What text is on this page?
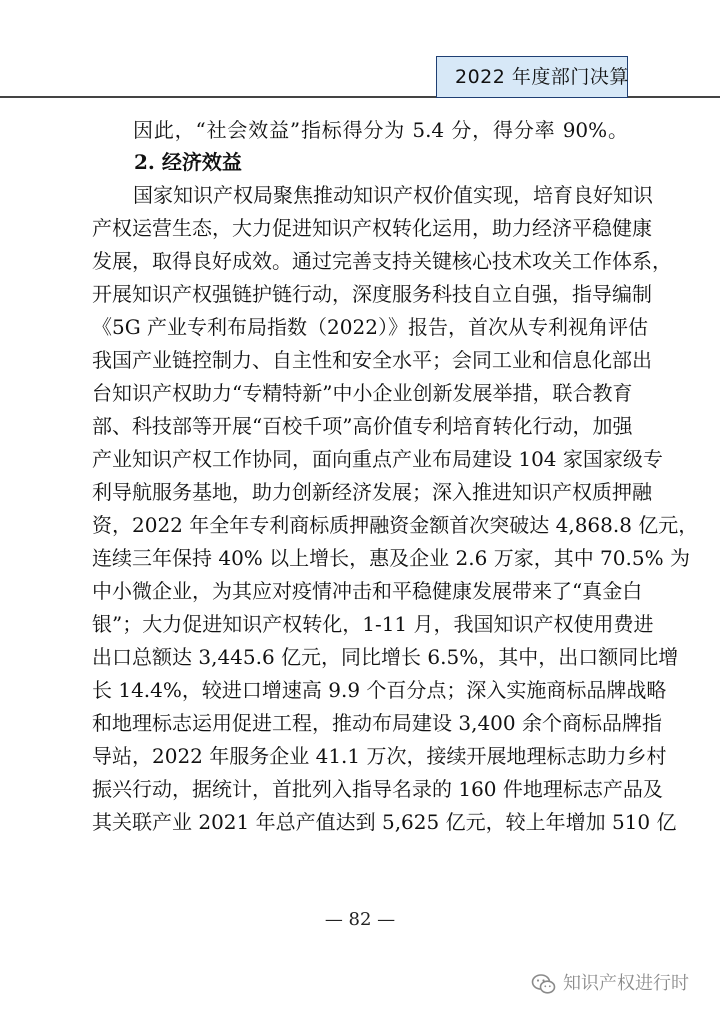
2022 年度部门决算
因此，“社会效益”指标得分为 5.4 分，得分率 90%。
2. 经济效益
国家知识产权局聚焦推动知识产权价值实现，培育良好知识
产权运营生态，大力促进知识产权转化运用，助力经济平稳健康
发展，取得良好成效。通过完善支持关键核心技术攻关工作体系，
开展知识产权强链护链行动，深度服务科技自立自强，指导编制
《5G 产业专利布局指数（2022）》报告，首次从专利视角评估
我国产业链控制力、自主性和安全水平；会同工业和信息化部出
台知识产权助力“专精特新”中小企业创新发展举措，联合教育
部、科技部等开展“百校千项”高价值专利培育转化行动，加强
产业知识产权工作协同，面向重点产业布局建设 104 家国家级专
利导航服务基地，助力创新经济发展；深入推进知识产权质押融
资，2022 年全年专利商标质押融资金额首次突破达 4,868.8 亿元，
连续三年保持 40% 以上增长，惠及企业 2.6 万家，其中 70.5% 为
中小微企业，为其应对疫情冲击和平稳健康发展带来了“真金白
银”；大力促进知识产权转化，1-11 月，我国知识产权使用费进
出口总额达 3,445.6 亿元，同比增长 6.5%，其中，出口额同比增
长 14.4%，较进口增速高 9.9 个百分点；深入实施商标品牌战略
和地理标志运用促进工程，推动布局建设 3,400 余个商标品牌指
导站，2022 年服务企业 41.1 万次，接续开展地理标志助力乡村
振兴行动，据统计，首批列入指导名录的 160 件地理标志产品及
其关联产业 2021 年总产值达到 5,625 亿元，较上年增加 510 亿
— 82 —
知识产权进行时
